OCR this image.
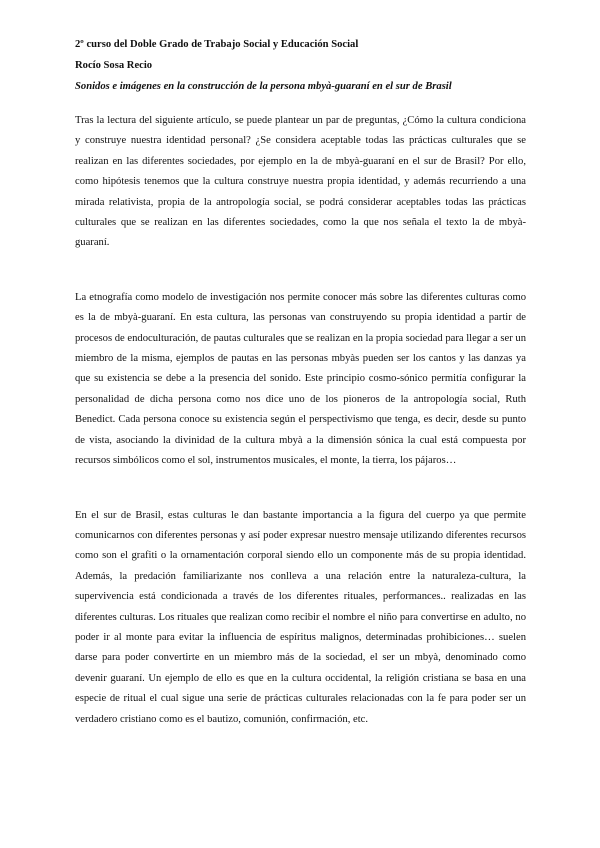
2º curso del Doble Grado de Trabajo Social y Educación Social

Rocío Sosa Recio

Sonidos e imágenes en la construcción de la persona mbyà-guaraní en el sur de Brasil

Tras la lectura del siguiente artículo, se puede plantear un par de preguntas, ¿Cómo la cultura condiciona y construye nuestra identidad personal? ¿Se considera aceptable todas las prácticas culturales que se realizan en las diferentes sociedades, por ejemplo en la de mbyà-guaraní en el sur de Brasil? Por ello, como hipótesis tenemos que la cultura construye nuestra propia identidad, y además recurriendo a una mirada relativista, propia de la antropología social, se podrá considerar aceptables todas las prácticas culturales que se realizan en las diferentes sociedades, como la que nos señala el texto la de mbyà-guaraní.

La etnografía como modelo de investigación nos permite conocer más sobre las diferentes culturas como es la de mbyà-guaraní. En esta cultura, las personas van construyendo su propia identidad a partir de procesos de endoculturación, de pautas culturales que se realizan en la propia sociedad para llegar a ser un miembro de la misma, ejemplos de pautas en las personas mbyàs pueden ser los cantos y las danzas ya que su existencia se debe a la presencia del sonido. Este principio cosmo-sónico permitía configurar la personalidad de dicha persona como nos dice uno de los pioneros de la antropología social, Ruth Benedict. Cada persona conoce su existencia según el perspectivismo que tenga, es decir, desde su punto de vista, asociando la divinidad de la cultura mbyà a la dimensión sónica la cual está compuesta por recursos simbólicos como el sol, instrumentos musicales, el monte, la tierra, los pájaros…

En el sur de Brasil, estas culturas le dan bastante importancia a la figura del cuerpo ya que permite comunicarnos con diferentes personas y así poder expresar nuestro mensaje utilizando diferentes recursos como son el grafiti o la ornamentación corporal siendo ello un componente más de su propia identidad. Además, la predación familiarizante nos conlleva a una relación entre la naturaleza-cultura, la supervivencia está condicionada a través de los diferentes rituales, performances.. realizadas en las diferentes culturas. Los rituales que realizan como recibir el nombre el niño para convertirse en adulto, no poder ir al monte para evitar la influencia de espíritus malignos, determinadas prohibiciones… suelen darse para poder convertirte en un miembro más de la sociedad, el ser un mbyà, denominado como devenir guaraní. Un ejemplo de ello es que en la cultura occidental, la religión cristiana se basa en una especie de ritual el cual sigue una serie de prácticas culturales relacionadas con la fe para poder ser un verdadero cristiano como es el bautizo, comunión, confirmación, etc.
